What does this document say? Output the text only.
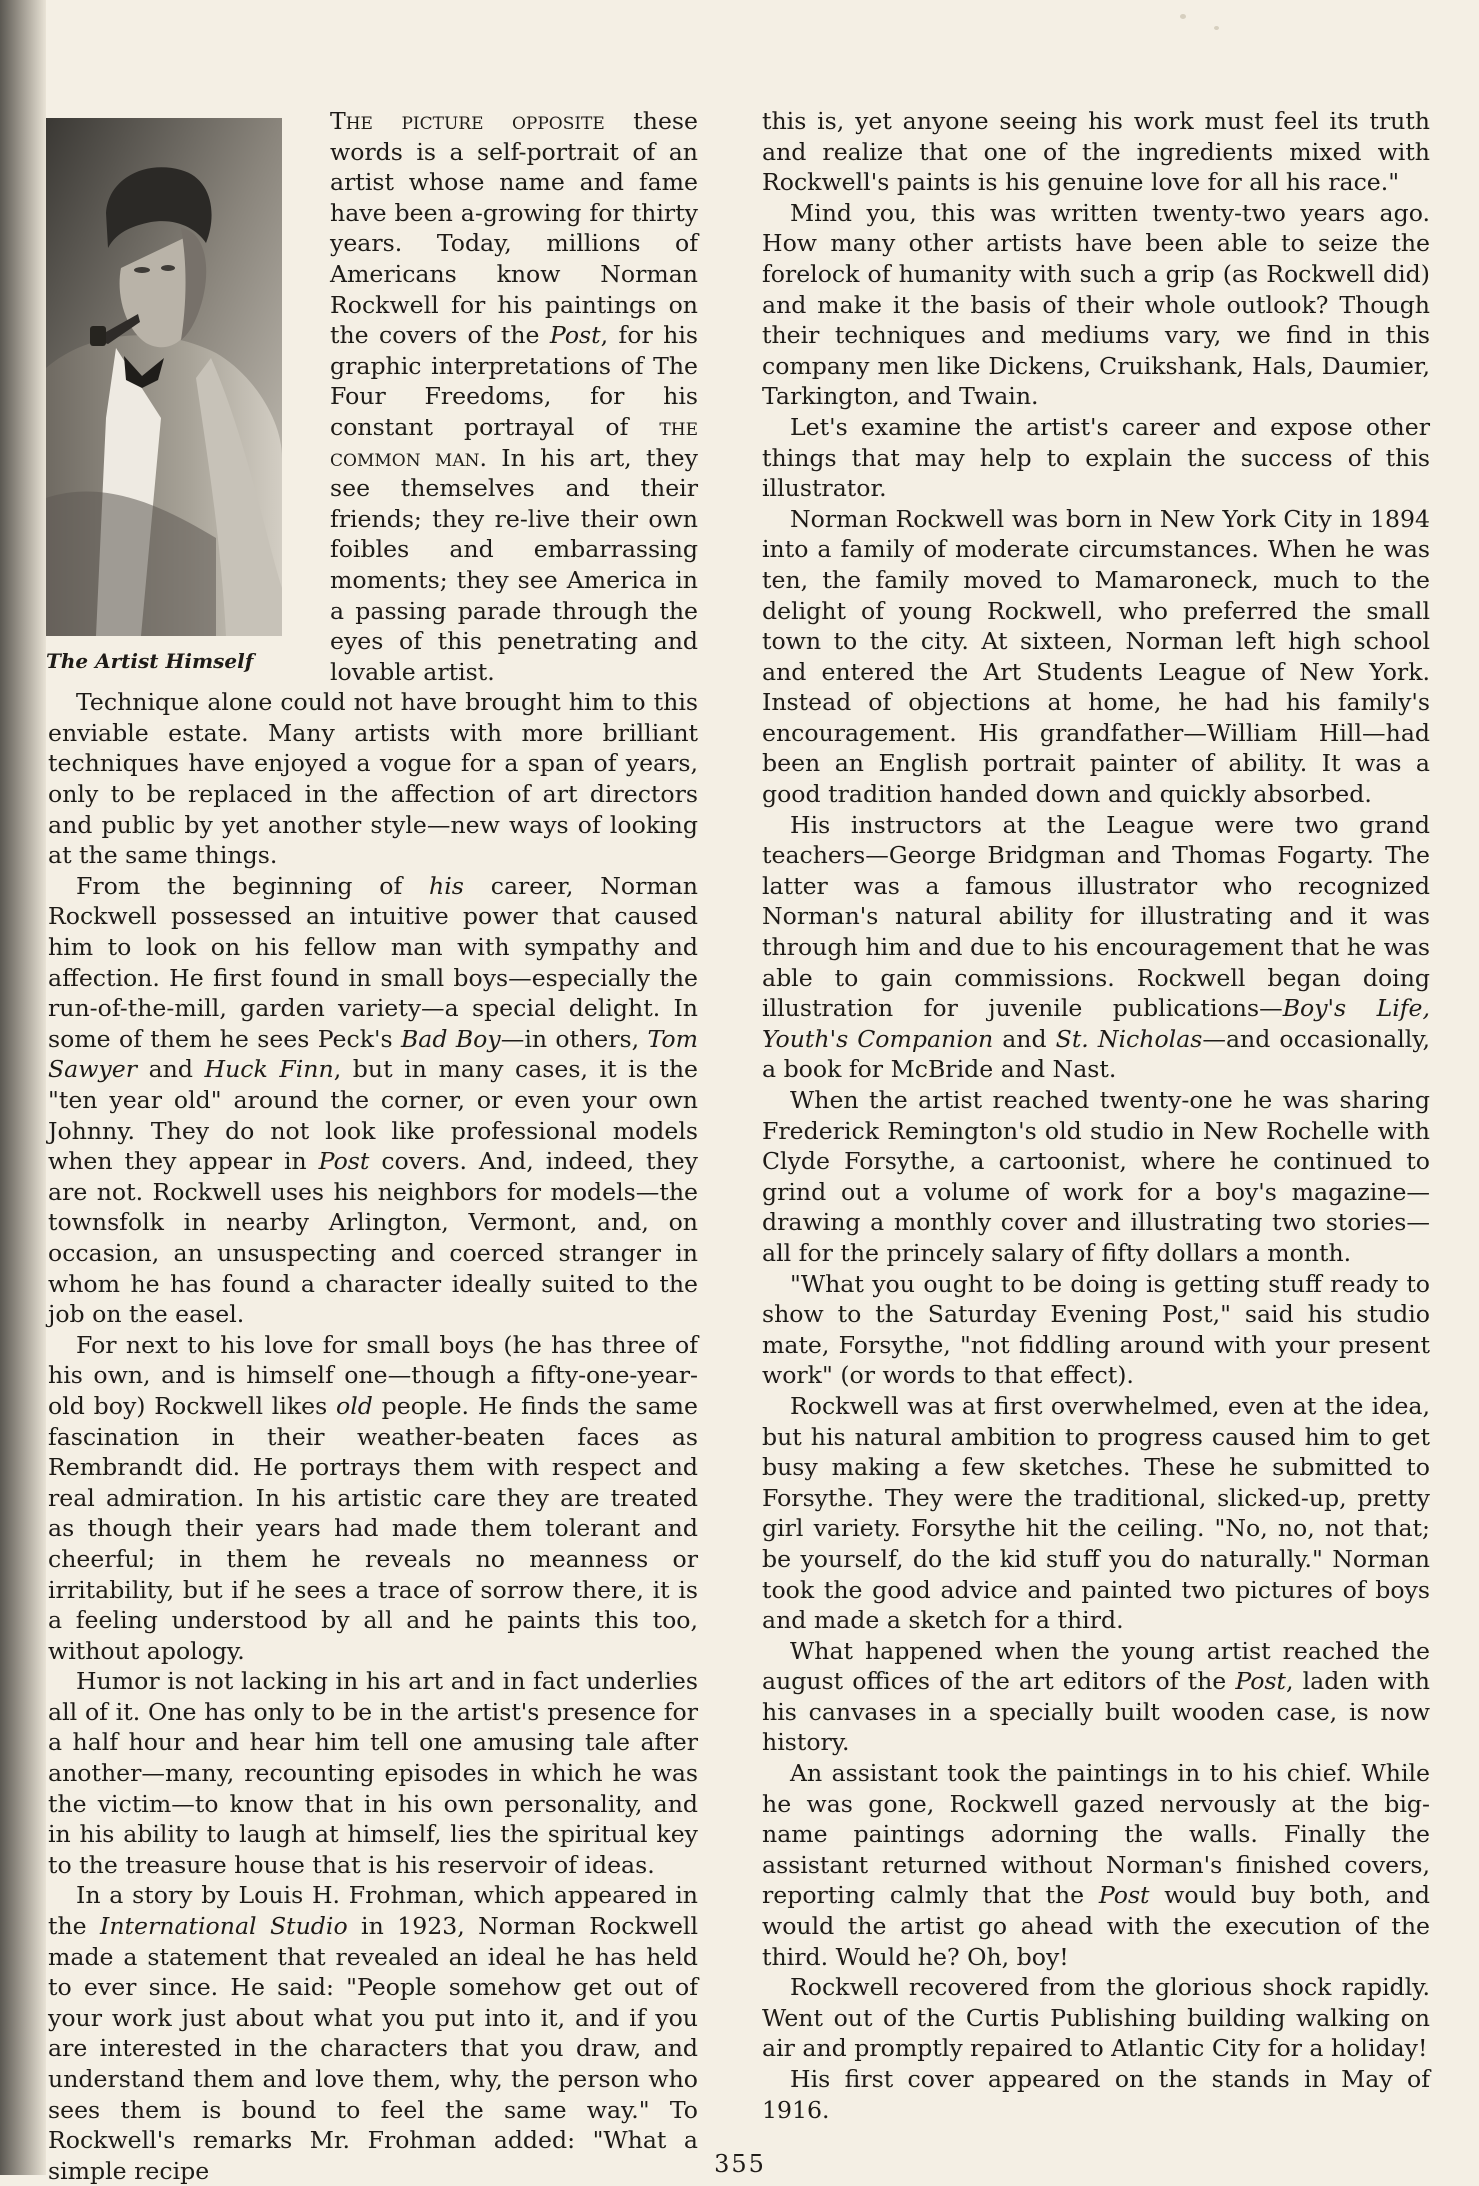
The Artist Himself

The picture opposite these words is a self-portrait of an artist whose name and fame have been a-growing for thirty years. Today, millions of Americans know Norman Rockwell for his paintings on the covers of the Post, for his graphic interpretations of The Four Freedoms, for his constant portrayal of the common man. In his art, they see themselves and their friends; they re-live their own foibles and embarrassing moments; they see America in a passing parade through the eyes of this penetrating and lovable artist.

Technique alone could not have brought him to this enviable estate. Many artists with more brilliant techniques have enjoyed a vogue for a span of years, only to be replaced in the affection of art directors and public by yet another style—new ways of looking at the same things.

From the beginning of his career, Norman Rockwell possessed an intuitive power that caused him to look on his fellow man with sympathy and affection. He first found in small boys—especially the run-of-the-mill, garden variety—a special delight. In some of them he sees Peck's Bad Boy—in others, Tom Sawyer and Huck Finn, but in many cases, it is the "ten year old" around the corner, or even your own Johnny. They do not look like professional models when they appear in Post covers. And, indeed, they are not. Rockwell uses his neighbors for models—the townsfolk in nearby Arlington, Vermont, and, on occasion, an unsuspecting and coerced stranger in whom he has found a character ideally suited to the job on the easel.

For next to his love for small boys (he has three of his own, and is himself one—though a fifty-one-year-old boy) Rockwell likes old people. He finds the same fascination in their weather-beaten faces as Rembrandt did. He portrays them with respect and real admiration. In his artistic care they are treated as though their years had made them tolerant and cheerful; in them he reveals no meanness or irritability, but if he sees a trace of sorrow there, it is a feeling understood by all and he paints this too, without apology.

Humor is not lacking in his art and in fact underlies all of it. One has only to be in the artist's presence for a half hour and hear him tell one amusing tale after another—many, recounting episodes in which he was the victim—to know that in his own personality, and in his ability to laugh at himself, lies the spiritual key to the treasure house that is his reservoir of ideas.

In a story by Louis H. Frohman, which appeared in the International Studio in 1923, Norman Rockwell made a statement that revealed an ideal he has held to ever since. He said: "People somehow get out of your work just about what you put into it, and if you are interested in the characters that you draw, and understand them and love them, why, the person who sees them is bound to feel the same way." To Rockwell's remarks Mr. Frohman added: "What a simple recipe

this is, yet anyone seeing his work must feel its truth and realize that one of the ingredients mixed with Rockwell's paints is his genuine love for all his race."

Mind you, this was written twenty-two years ago. How many other artists have been able to seize the forelock of humanity with such a grip (as Rockwell did) and make it the basis of their whole outlook? Though their techniques and mediums vary, we find in this company men like Dickens, Cruikshank, Hals, Daumier, Tarkington, and Twain.

Let's examine the artist's career and expose other things that may help to explain the success of this illustrator.

Norman Rockwell was born in New York City in 1894 into a family of moderate circumstances. When he was ten, the family moved to Mamaroneck, much to the delight of young Rockwell, who preferred the small town to the city. At sixteen, Norman left high school and entered the Art Students League of New York. Instead of objections at home, he had his family's encouragement. His grandfather—William Hill—had been an English portrait painter of ability. It was a good tradition handed down and quickly absorbed.

His instructors at the League were two grand teachers—George Bridgman and Thomas Fogarty. The latter was a famous illustrator who recognized Norman's natural ability for illustrating and it was through him and due to his encouragement that he was able to gain commissions. Rockwell began doing illustration for juvenile publications—Boy's Life, Youth's Companion and St. Nicholas—and occasionally, a book for McBride and Nast.

When the artist reached twenty-one he was sharing Frederick Remington's old studio in New Rochelle with Clyde Forsythe, a cartoonist, where he continued to grind out a volume of work for a boy's magazine—drawing a monthly cover and illustrating two stories—all for the princely salary of fifty dollars a month.

"What you ought to be doing is getting stuff ready to show to the Saturday Evening Post," said his studio mate, Forsythe, "not fiddling around with your present work" (or words to that effect).

Rockwell was at first overwhelmed, even at the idea, but his natural ambition to progress caused him to get busy making a few sketches. These he submitted to Forsythe. They were the traditional, slicked-up, pretty girl variety. Forsythe hit the ceiling. "No, no, not that; be yourself, do the kid stuff you do naturally." Norman took the good advice and painted two pictures of boys and made a sketch for a third.

What happened when the young artist reached the august offices of the art editors of the Post, laden with his canvases in a specially built wooden case, is now history.

An assistant took the paintings in to his chief. While he was gone, Rockwell gazed nervously at the big-name paintings adorning the walls. Finally the assistant returned without Norman's finished covers, reporting calmly that the Post would buy both, and would the artist go ahead with the execution of the third. Would he? Oh, boy!

Rockwell recovered from the glorious shock rapidly. Went out of the Curtis Publishing building walking on air and promptly repaired to Atlantic City for a holiday!

His first cover appeared on the stands in May of 1916.

355
